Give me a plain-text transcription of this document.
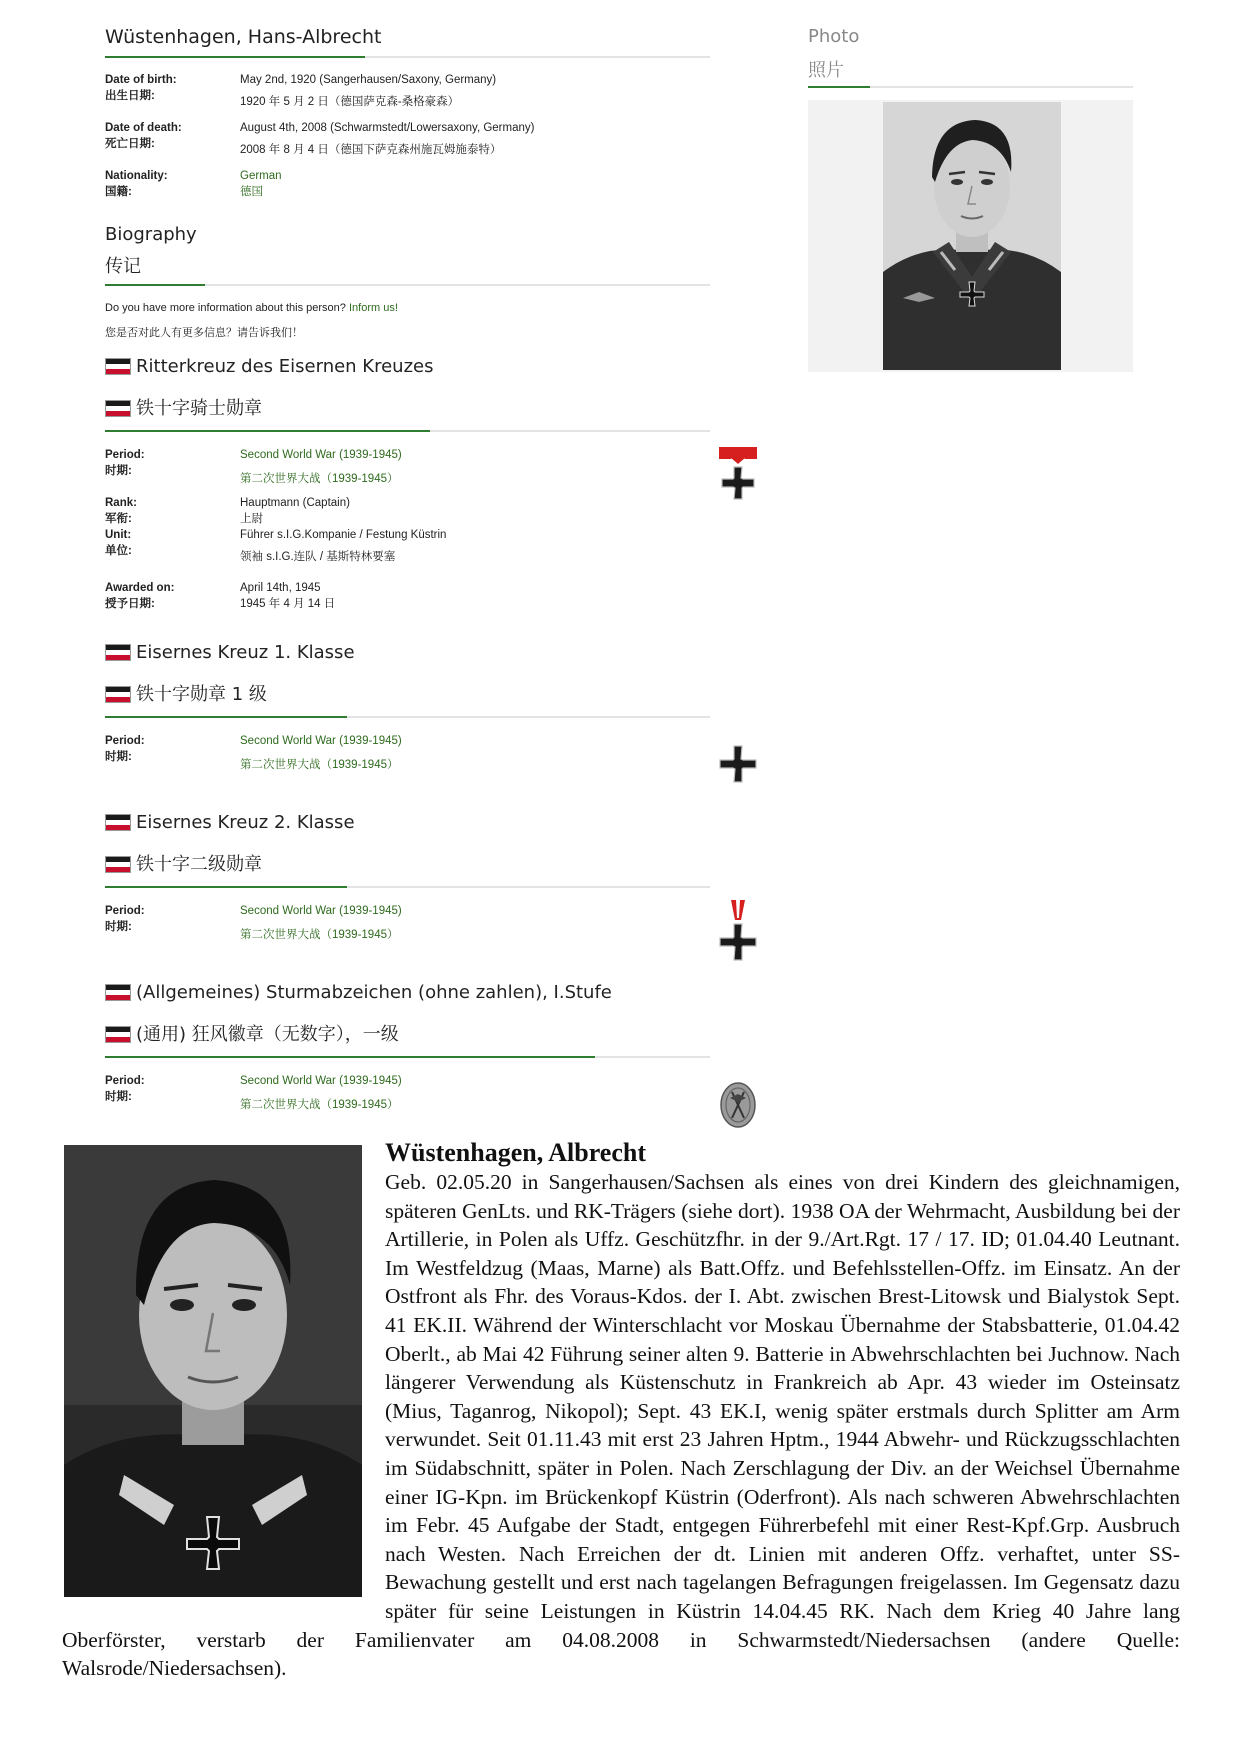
Wüstenhagen, Hans-Albrecht
Date of birth:
出生日期:
May 2nd, 1920 (Sangerhausen/Saxony, Germany)
1920 年 5 月 2 日（德国萨克森-桑格豪森）
Date of death:
死亡日期:
August 4th, 2008 (Schwarmstedt/Lowersaxony, Germany)
2008 年 8 月 4 日（德国下萨克森州施瓦姆施泰特）
Nationality:
国籍:
German
德国
Biography
传记
Do you have more information about this person? Inform us!
您是否对此人有更多信息？请告诉我们！
Ritterkreuz des Eisernen Kreuzes
铁十字骑士勋章
Period:
时期:
Second World War (1939-1945)
第二次世界大战（1939-1945）
Rank:
军衔:
Unit:
单位:
Hauptmann (Captain)
上尉
Führer s.I.G.Kompanie / Festung Küstrin
领袖 s.I.G.连队 / 基斯特林要塞
Awarded on:
授予日期:
April 14th, 1945
1945 年 4 月 14 日
Eisernes Kreuz 1. Klasse
铁十字勋章 1 级
Period:
时期:
Second World War (1939-1945)
第二次世界大战（1939-1945）
Eisernes Kreuz 2. Klasse
铁十字二级勋章
Period:
时期:
Second World War (1939-1945)
第二次世界大战（1939-1945）
(Allgemeines) Sturmabzeichen (ohne zahlen), I.Stufe
(通用) 狂风徽章（无数字），一级
Period:
时期:
Second World War (1939-1945)
第二次世界大战（1939-1945）
Photo
照片
Wüstenhagen, Albrecht
Geb. 02.05.20 in Sangerhausen/Sachsen als eines von drei Kindern des gleichnamigen, späteren GenLts. und RK-Trägers (siehe dort). 1938 OA der Wehrmacht, Ausbildung bei der Artillerie, in Polen als Uffz. Geschützfhr. in der 9./Art.Rgt. 17 / 17. ID; 01.04.40 Leutnant. Im Westfeldzug (Maas, Marne) als Batt.Offz. und Befehlsstellen-Offz. im Einsatz. An der Ostfront als Fhr. des Voraus-Kdos. der I. Abt. zwischen Brest-Litowsk und Bialystok Sept. 41 EK.II. Während der Winterschlacht vor Moskau Übernahme der Stabsbatterie, 01.04.42 Oberlt., ab Mai 42 Führung seiner alten 9. Batterie in Abwehrschlachten bei Juchnow. Nach längerer Verwendung als Küstenschutz in Frankreich ab Apr. 43 wieder im Osteinsatz (Mius, Taganrog, Nikopol); Sept. 43 EK.I, wenig später erstmals durch Splitter am Arm verwundet. Seit 01.11.43 mit erst 23 Jahren Hptm., 1944 Abwehr- und Rückzugsschlachten im Südabschnitt, später in Polen. Nach Zerschlagung der Div. an der Weichsel Übernahme einer IG-Kpn. im Brückenkopf Küstrin (Oderfront). Als nach schweren Abwehrschlachten im Febr. 45 Aufgabe der Stadt, entgegen Führerbefehl mit einer Rest-Kpf.Grp. Ausbruch nach Westen. Nach Erreichen der dt. Linien mit anderen Offz. verhaftet, unter SS-Bewachung gestellt und erst nach tagelangen Befragungen freigelassen. Im Gegensatz dazu später für seine Leistungen in Küstrin 14.04.45 RK. Nach dem Krieg 40 Jahre lang Oberförster, verstarb der Familienvater am 04.08.2008 in Schwarmstedt/Niedersachsen (andere Quelle: Walsrode/Niedersachsen).
